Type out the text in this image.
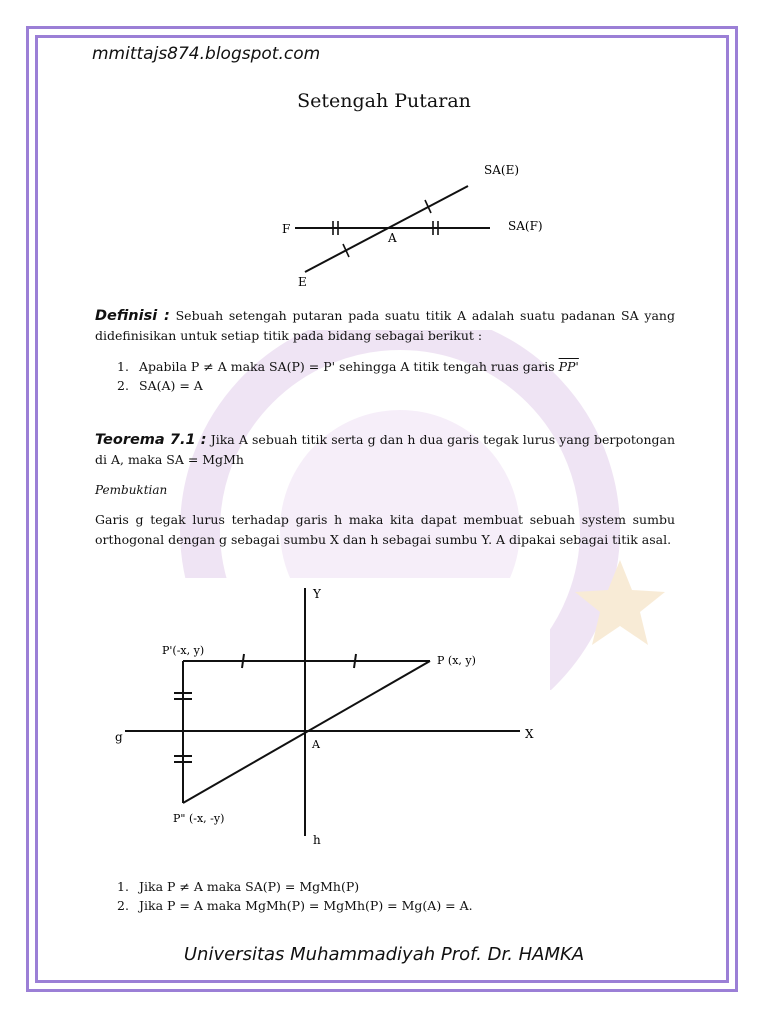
mmittajs874.blogspot.com
Setengah Putaran
SA(E)
SA(F)
F
A
E
Definisi : Sebuah setengah putaran pada suatu titik A adalah suatu padanan SA yang didefinisikan untuk setiap titik pada bidang sebagai berikut :
1. Apabila P ≠ A maka SA(P) = P' sehingga A titik tengah ruas garis PP'
2. SA(A) = A
Teorema 7.1 : Jika A sebuah titik serta g dan h dua garis tegak lurus yang berpotongan di A, maka SA = MgMh
Pembuktian
Garis g tegak lurus terhadap garis h maka kita dapat membuat sebuah system sumbu orthogonal dengan g sebagai sumbu X dan h sebagai sumbu Y. A dipakai sebagai titik asal.
Y
X
g
h
A
P (x, y)
P'(-x, y)
P" (-x, -y)
1. Jika P ≠ A maka SA(P) = MgMh(P)
2. Jika P = A maka MgMh(P) = MgMh(P) = Mg(A) = A.
Universitas Muhammadiyah Prof. Dr. HAMKA
